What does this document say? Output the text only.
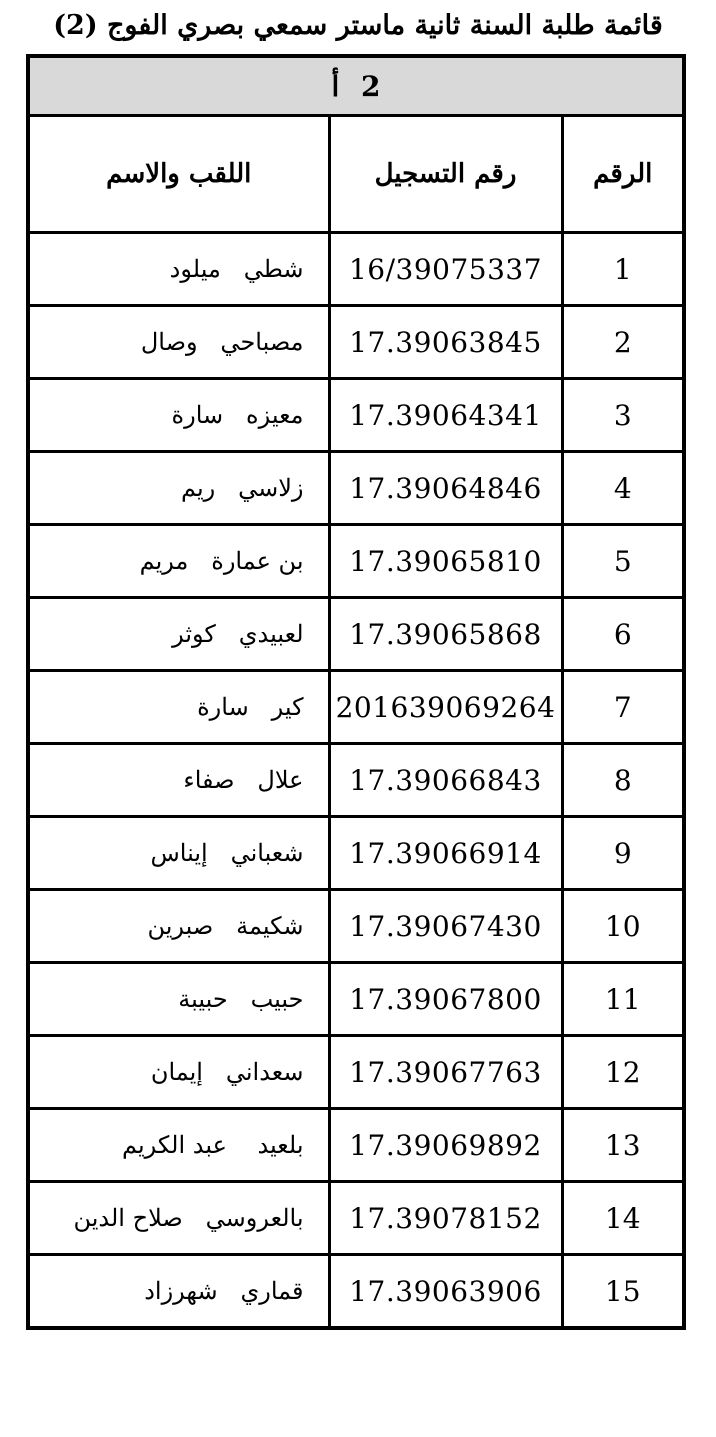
قائمة طلبة السنة ثانية ماستر سمعي بصري الفوج (2)
2 أ		
الرقم	رقم التسجيل	اللقب والاسم
1	16/39075337	شطي   ميلود
2	17.39063845	مصباحي   وصال
3	17.39064341	معيزه   سارة
4	17.39064846	زلاسي   ريم
5	17.39065810	بن عمارة   مريم
6	17.39065868	لعبيدي   كوثر
7	201639069264	كير   سارة
8	17.39066843	علال   صفاء
9	17.39066914	شعباني   إيناس
10	17.39067430	شكيمة   صبرين
11	17.39067800	حبيب   حبيبة
12	17.39067763	سعداني   إيمان
13	17.39069892	بلعيد    عبد الكريم
14	17.39078152	بالعروسي   صلاح الدين
15	17.39063906	قماري   شهرزاد
